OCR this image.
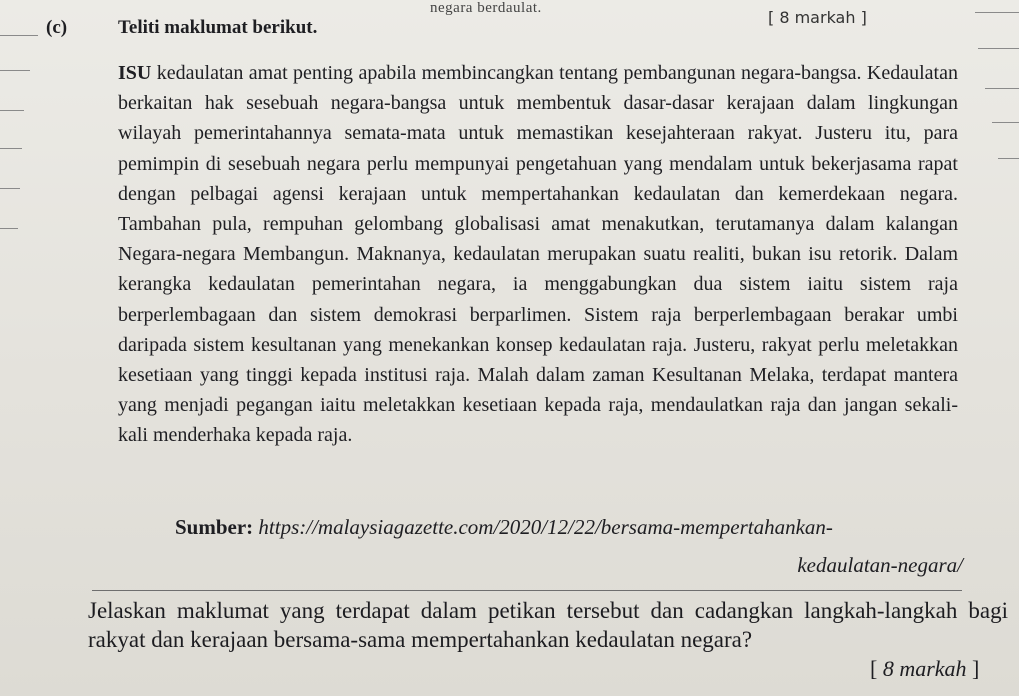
negara berdaulat.	[ 8 markah ]
(c)	Teliti maklumat berikut.
ISU kedaulatan amat penting apabila membincangkan tentang pembangunan negara-bangsa. Kedaulatan berkaitan hak sesebuah negara-bangsa untuk membentuk dasar-dasar kerajaan dalam lingkungan wilayah pemerintahannya semata-mata untuk memastikan kesejahteraan rakyat. Justeru itu, para pemimpin di sesebuah negara perlu mempunyai pengetahuan yang mendalam untuk bekerjasama rapat dengan pelbagai agensi kerajaan untuk mempertahankan kedaulatan dan kemerdekaan negara. Tambahan pula, rempuhan gelombang globalisasi amat menakutkan, terutamanya dalam kalangan Negara-negara Membangun. Maknanya, kedaulatan merupakan suatu realiti, bukan isu retorik. Dalam kerangka kedaulatan pemerintahan negara, ia menggabungkan dua sistem iaitu sistem raja berperlembagaan dan sistem demokrasi berparlimen. Sistem raja berperlembagaan berakar umbi daripada sistem kesultanan yang menekankan konsep kedaulatan raja. Justeru, rakyat perlu meletakkan kesetiaan yang tinggi kepada institusi raja. Malah dalam zaman Kesultanan Melaka, terdapat mantera yang menjadi pegangan iaitu meletakkan kesetiaan kepada raja, mendaulatkan raja dan jangan sekali-kali menderhaka kepada raja.
Sumber: https://malaysiagazette.com/2020/12/22/bersama-mempertahankan-
kedaulatan-negara/
Jelaskan maklumat yang terdapat dalam petikan tersebut dan cadangkan langkah-langkah bagi rakyat dan kerajaan bersama-sama mempertahankan kedaulatan negara?
[ 8 markah ]
